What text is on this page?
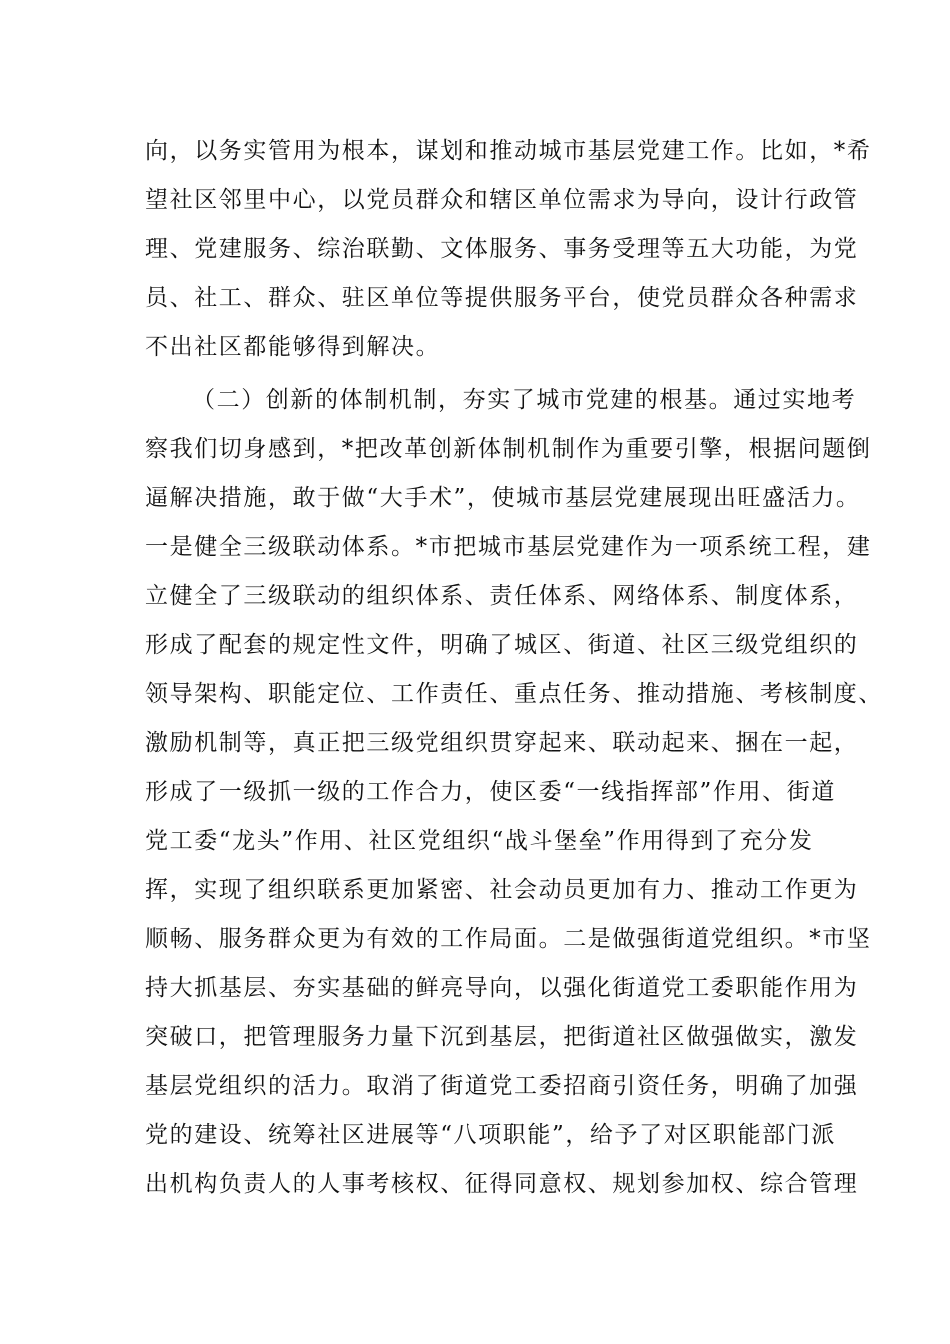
向，以务实管用为根本，谋划和推动城市基层党建工作。比如，*希
望社区邻里中心，以党员群众和辖区单位需求为导向，设计行政管
理、党建服务、综治联勤、文体服务、事务受理等五大功能，为党
员、社工、群众、驻区单位等提供服务平台，使党员群众各种需求
不出社区都能够得到解决。
（二）创新的体制机制，夯实了城市党建的根基。通过实地考
察我们切身感到，*把改革创新体制机制作为重要引擎，根据问题倒
逼解决措施，敢于做“大手术”，使城市基层党建展现出旺盛活力。
一是健全三级联动体系。*市把城市基层党建作为一项系统工程，建
立健全了三级联动的组织体系、责任体系、网络体系、制度体系，
形成了配套的规定性文件，明确了城区、街道、社区三级党组织的
领导架构、职能定位、工作责任、重点任务、推动措施、考核制度、
激励机制等，真正把三级党组织贯穿起来、联动起来、捆在一起，
形成了一级抓一级的工作合力，使区委“一线指挥部”作用、街道
党工委“龙头”作用、社区党组织“战斗堡垒”作用得到了充分发
挥，实现了组织联系更加紧密、社会动员更加有力、推动工作更为
顺畅、服务群众更为有效的工作局面。二是做强街道党组织。*市坚
持大抓基层、夯实基础的鲜亮导向，以强化街道党工委职能作用为
突破口，把管理服务力量下沉到基层，把街道社区做强做实，激发
基层党组织的活力。取消了街道党工委招商引资任务，明确了加强
党的建设、统筹社区进展等“八项职能”，给予了对区职能部门派
出机构负责人的人事考核权、征得同意权、规划参加权、综合管理
